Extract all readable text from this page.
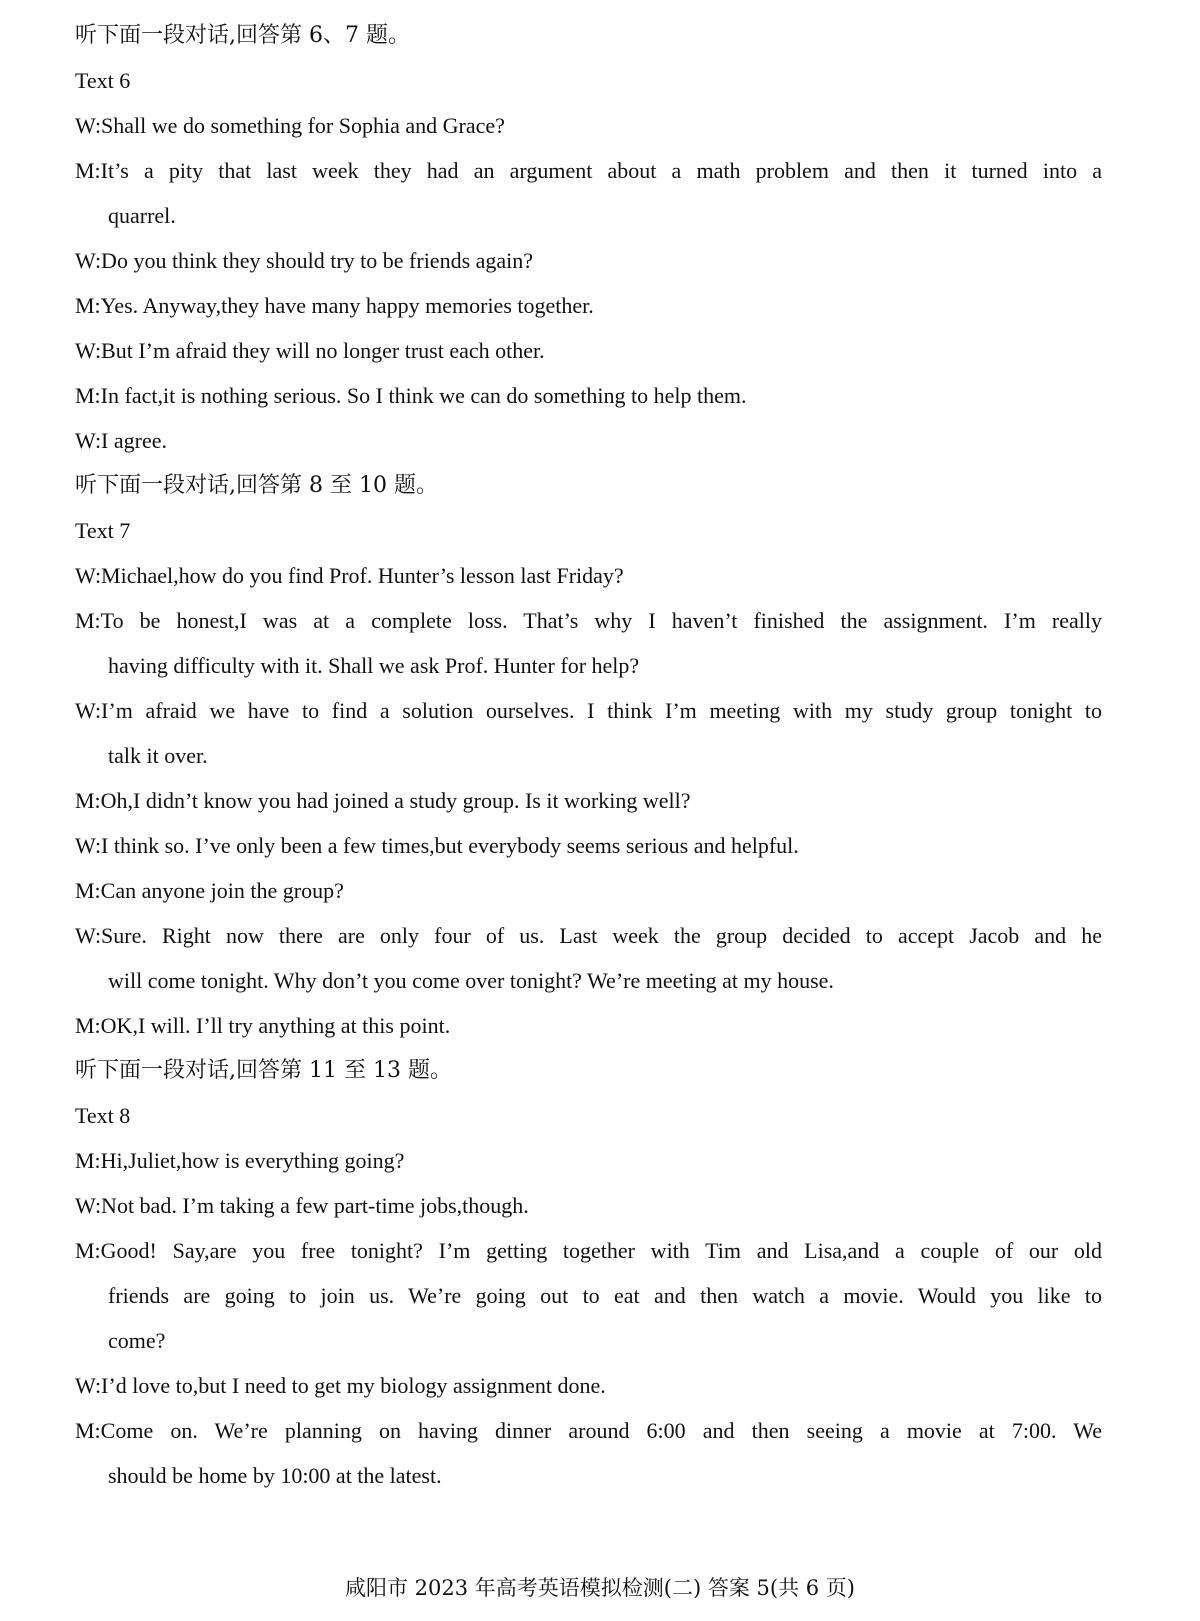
听下面一段对话,回答第 6、7 题。
Text 6
W:Shall we do something for Sophia and Grace?
M:It’s a pity that last week they had an argument about a math problem and then it turned into a
quarrel.
W:Do you think they should try to be friends again?
M:Yes. Anyway,they have many happy memories together.
W:But I’m afraid they will no longer trust each other.
M:In fact,it is nothing serious. So I think we can do something to help them.
W:I agree.
听下面一段对话,回答第 8 至 10 题。
Text 7
W:Michael,how do you find Prof. Hunter’s lesson last Friday?
M:To be honest,I was at a complete loss. That’s why I haven’t finished the assignment. I’m really
having difficulty with it. Shall we ask Prof. Hunter for help?
W:I’m afraid we have to find a solution ourselves. I think I’m meeting with my study group tonight to
talk it over.
M:Oh,I didn’t know you had joined a study group. Is it working well?
W:I think so. I’ve only been a few times,but everybody seems serious and helpful.
M:Can anyone join the group?
W:Sure. Right now there are only four of us. Last week the group decided to accept Jacob and he
will come tonight. Why don’t you come over tonight? We’re meeting at my house.
M:OK,I will. I’ll try anything at this point.
听下面一段对话,回答第 11 至 13 题。
Text 8
M:Hi,Juliet,how is everything going?
W:Not bad. I’m taking a few part-time jobs,though.
M:Good! Say,are you free tonight? I’m getting together with Tim and Lisa,and a couple of our old
friends are going to join us. We’re going out to eat and then watch a movie. Would you like to
come?
W:I’d love to,but I need to get my biology assignment done.
M:Come on. We’re planning on having dinner around 6:00 and then seeing a movie at 7:00. We
should be home by 10:00 at the latest.
咸阳市 2023 年高考英语模拟检测(二) 答案 5(共 6 页)
